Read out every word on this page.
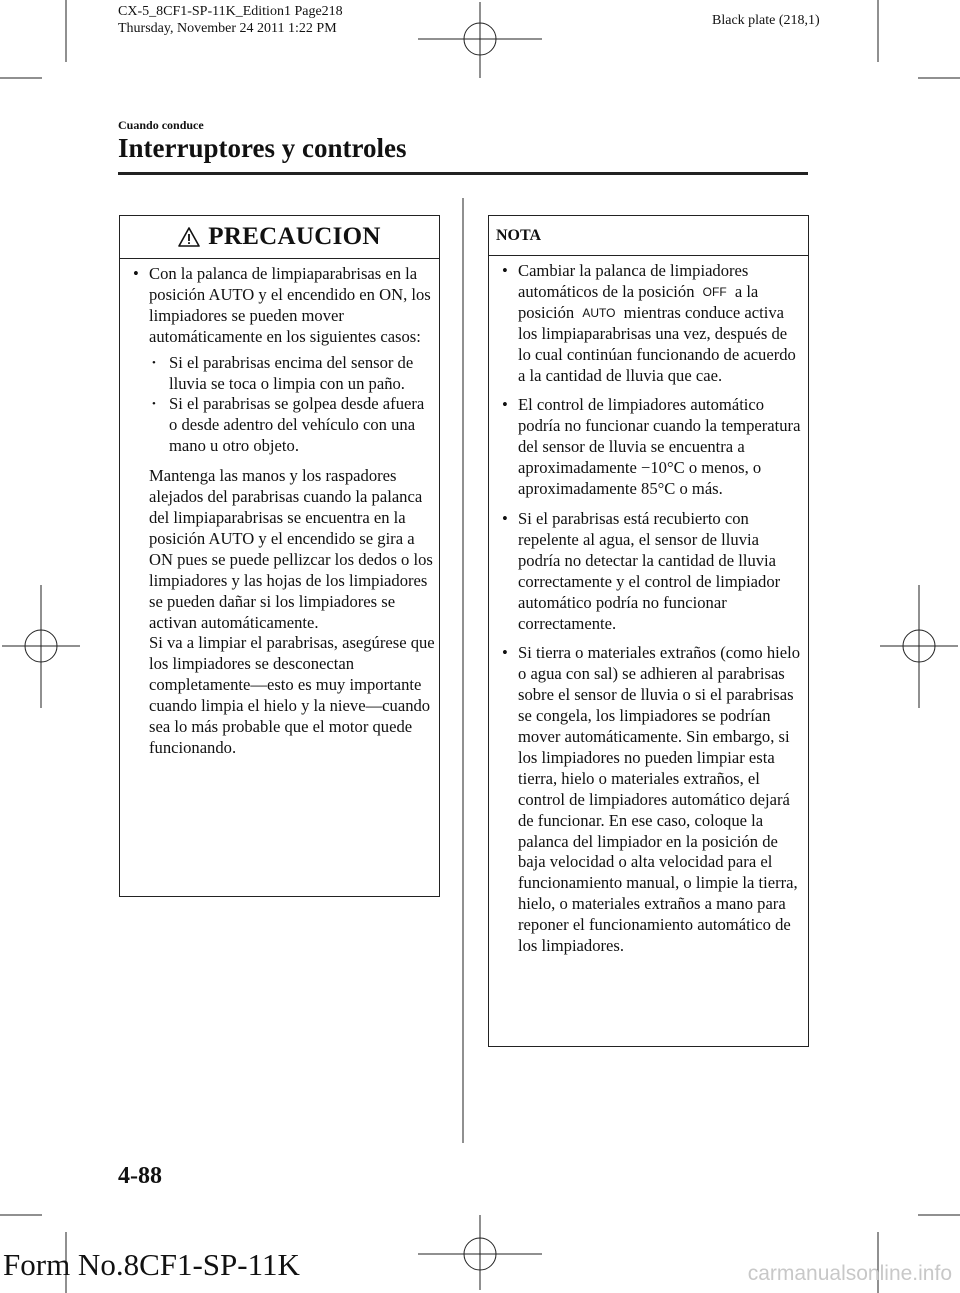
CX-5_8CF1-SP-11K_Edition1 Page218
Thursday, November 24 2011 1:22 PM
Black plate (218,1)
Cuando conduce
Interruptores y controles
PRECAUCION
• Con la palanca de limpiaparabrisas en la posición AUTO y el encendido en ON, los limpiadores se pueden mover automáticamente en los siguientes casos:
• Si el parabrisas encima del sensor de lluvia se toca o limpia con un paño.
• Si el parabrisas se golpea desde afuera o desde adentro del vehículo con una mano u otro objeto.
Mantenga las manos y los raspadores alejados del parabrisas cuando la palanca del limpiaparabrisas se encuentra en la posición AUTO y el encendido se gira a ON pues se puede pellizcar los dedos o los limpiadores y las hojas de los limpiadores se pueden dañar si los limpiadores se activan automáticamente.
Si va a limpiar el parabrisas, asegúrese que los limpiadores se desconectan completamente―esto es muy importante cuando limpia el hielo y la nieve―cuando sea lo más probable que el motor quede funcionando.
NOTA
• Cambiar la palanca de limpiadores automáticos de la posición OFF a la posición AUTO mientras conduce activa los limpiaparabrisas una vez, después de lo cual continúan funcionando de acuerdo a la cantidad de lluvia que cae.
• El control de limpiadores automático podría no funcionar cuando la temperatura del sensor de lluvia se encuentra a aproximadamente −10°C o menos, o aproximadamente 85°C o más.
• Si el parabrisas está recubierto con repelente al agua, el sensor de lluvia podría no detectar la cantidad de lluvia correctamente y el control de limpiador automático podría no funcionar correctamente.
• Si tierra o materiales extraños (como hielo o agua con sal) se adhieren al parabrisas sobre el sensor de lluvia o si el parabrisas se congela, los limpiadores se podrían mover automáticamente. Sin embargo, si los limpiadores no pueden limpiar esta tierra, hielo o materiales extraños, el control de limpiadores automático dejará de funcionar. En ese caso, coloque la palanca del limpiador en la posición de baja velocidad o alta velocidad para el funcionamiento manual, o limpie la tierra, hielo, o materiales extraños a mano para reponer el funcionamiento automático de los limpiadores.
4-88
Form No.8CF1-SP-11K	carmanualsonline.info
